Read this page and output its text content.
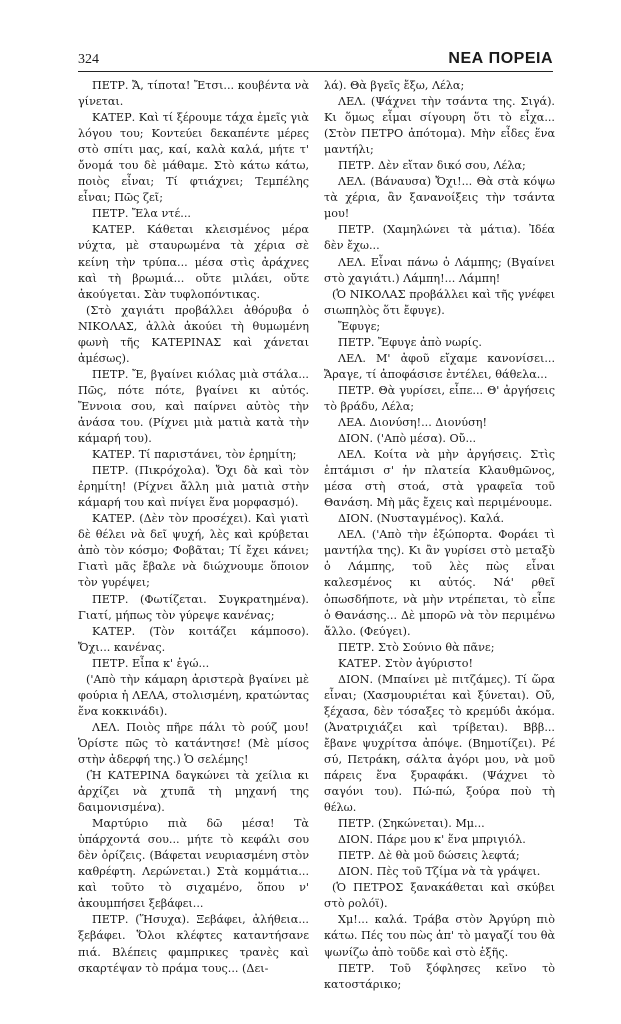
324	ΝΕΑ ΠΟΡΕΙΑ

ΠΕΤΡ. Ἄ, τίποτα! Ἔτσι... κουβέντα νὰ γίνεται.

ΚΑΤΕΡ. Καὶ τί ξέρουμε τάχα ἐμεῖς γιὰ λόγου του; Κοντεύει δεκαπέντε μέρες στὸ σπίτι μας, καί, καλὰ καλά, μήτε τ' ὄνομά του δὲ μάθαμε. Στὸ κάτω κάτω, ποιὸς εἶναι; Τί φτιάχνει; Τεμπέλης εἶναι; Πῶς ζεῖ;

ΠΕΤΡ. Ἔλα ντέ...

ΚΑΤΕΡ. Κάθεται κλεισμένος μέρα νύχτα, μὲ σταυρωμένα τὰ χέρια σὲ κείνη τὴν τρύπα... μέσα στὶς ἀράχνες καὶ τὴ βρωμιά... οὔτε μιλάει, οὔτε ἀκούγεται. Σὰν τυφλοπόντικας.

(Στὸ χαγιάτι προβάλλει ἀθόρυβα ὁ ΝΙΚΟΛΑΣ, ἀλλὰ ἀκούει τὴ θυμωμένη φωνὴ τῆς ΚΑΤΕΡΙΝΑΣ καὶ χάνεται ἀμέσως).

ΠΕΤΡ. Ἔ, βγαίνει κιόλας μιὰ στάλα... Πῶς, πότε πότε, βγαίνει κι αὐτός. Ἔννοια σου, καὶ παίρνει αὐτὸς τὴν ἀνάσα του. (Ρίχνει μιὰ ματιὰ κατὰ τὴν κάμαρή του).

ΚΑΤΕΡ. Τί παριστάνει, τὸν ἐρημίτη;

ΠΕΤΡ. (Πικρόχολα). Ὄχι δὰ καὶ τὸν ἐρημίτη! (Ρίχνει ἄλλη μιὰ ματιὰ στὴν κάμαρή του καὶ πνίγει ἕνα μορφασμό).

ΚΑΤΕΡ. (Δὲν τὸν προσέχει). Καὶ γιατὶ δὲ θέλει νὰ δεῖ ψυχή, λὲς καὶ κρύβεται ἀπὸ τὸν κόσμο; Φοβᾶται; Τί ἔχει κάνει; Γιατὶ μᾶς ἔβαλε νὰ διώχνουμε ὅποιον τὸν γυρέψει;

ΠΕΤΡ. (Φωτίζεται. Συγκρατημένα). Γιατί, μήπως τὸν γύρεψε κανένας;

ΚΑΤΕΡ. (Τὸν κοιτάζει κάμποσο). Ὄχι... κανένας.

ΠΕΤΡ. Εἶπα κ' ἐγώ...

('Απὸ τὴν κάμαρη ἀριστερὰ βγαίνει μὲ φούρια ἡ ΛΕΛΑ, στολισμένη, κρατώντας ἕνα κοκκινάδι).

ΛΕΛ. Ποιὸς πῆρε πάλι τὸ ρούζ μου! Ὁρίστε πῶς τὸ κατάντησε! (Μὲ μίσος στὴν ἀδερφή της.) Ὁ σελέμης!

(Ἡ ΚΑΤΕΡΙΝΑ δαγκώνει τὰ χείλια κι ἀρχίζει νὰ χτυπᾶ τὴ μηχανή της δαιμονισμένα).

Μαρτύριο πιὰ δῶ μέσα! Τὰ ὑπάρχοντά σου... μήτε τὸ κεφάλι σου δὲν ὁρίζεις. (Βάφεται νευριασμένη στὸν καθρέφτη. Λερώνεται.) Στὰ κομμάτια... καὶ τοῦτο τὸ σιχαμένο, ὅπου ν' ἀκουμπήσει ξεβάφει...

ΠΕΤΡ. (Ἥσυχα). Ξεβάφει, ἀλήθεια... ξεβάφει. Ὅλοι κλέφτες καταντήσανε πιά. Βλέπεις φαμπρικες τρανὲς καὶ σκαρτέψαν τὸ πράμα τους... (Δει-

λά). Θὰ βγεῖς ἔξω, Λέλα;

ΛΕΛ. (Ψάχνει τὴν τσάντα της. Σιγά). Κι ὅμως εἶμαι σίγουρη ὅτι τὸ εἶχα... (Στὸν ΠΕΤΡΟ ἀπότομα). Μὴν εἶδες ἕνα μαντήλι;

ΠΕΤΡ. Δὲν εἴταν δικό σου, Λέλα;

ΛΕΛ. (Βάναυσα) Ὄχι!... Θὰ στὰ κόψω τὰ χέρια, ἂν ξανανοίξεις τὴν τσάντα μου!

ΠΕΤΡ. (Χαμηλώνει τὰ μάτια). Ἰδέα δὲν ἔχω...

ΛΕΛ. Εἶναι πάνω ὁ Λάμπης; (Βγαίνει στὸ χαγιάτι.) Λάμπη!... Λάμπη!

(Ὁ ΝΙΚΟΛΑΣ προβάλλει καὶ τῆς γνέφει σιωπηλὸς ὅτι ἔφυγε).

Ἔφυγε;

ΠΕΤΡ. Ἔφυγε ἀπὸ νωρίς.

ΛΕΛ. Μ' ἀφοῦ εἴχαμε κανονίσει... Ἄραγε, τί ἀποφάσισε ἐντέλει, θάθελα...

ΠΕΤΡ. Θὰ γυρίσει, εἶπε... Θ' ἀργήσεις τὸ βράδυ, Λέλα;

ΛΕΑ. Διονύση!... Διονύση!

ΔΙΟΝ. ('Απὸ μέσα). Οὔ...

ΛΕΛ. Κοίτα νὰ μὴν ἀργήσεις. Στὶς ἑπτάμισι σ' ἡν πλατεία Κλαυθμῶνος, μέσα στὴ στοά, στὰ γραφεῖα τοῦ Θανάση. Μὴ μᾶς ἔχεις καὶ περιμένουμε.

ΔΙΟΝ. (Νυσταγμένος). Καλά.

ΛΕΛ. ('Απὸ τὴν ἐξώπορτα. Φοράει τὶ μαντήλα της). Κι ἂν γυρίσει στὸ μεταξὺ ὁ Λάμπης, τοῦ λὲς πὼς εἶναι καλεσμένος κι αὐτός. Νά' ρθεῖ ὁπωσδήποτε, νὰ μὴν ντρέπεται, τὸ εἶπε ὁ Θανάσης... Δὲ μπορῶ νὰ τὸν περιμένω ἄλλο. (Φεύγει).

ΠΕΤΡ. Στὸ Σούνιο θὰ πᾶνε;

ΚΑΤΕΡ. Στὸν ἀγύριστο!

ΔΙΟΝ. (Μπαίνει μὲ πιτζάμες). Τί ὥρα εἶναι; (Χασμουριέται καὶ ξύνεται). Οὔ, ξέχασα, δὲν τόσαξες τὸ κρεμύδι ἀκόμα. (Ἀνατριχιάζει καὶ τρίβεται). Βββ... ἔβανε ψυχρίτσα ἀπόψε. (Βημοτίζει). Ρέ σύ, Πετράκη, σάλτα ἀγόρι μου, νὰ μοῦ πάρεις ἕνα ξυραφάκι. (Ψάχνει τὸ σαγόνι του). Πώ-πώ, ξούρα ποὺ τὴ θέλω.

ΠΕΤΡ. (Σηκώνεται). Μμ...

ΔΙΟΝ. Πάρε μου κ' ἕνα μπριγιόλ.

ΠΕΤΡ. Δὲ θὰ μοῦ δώσεις λεφτά;

ΔΙΟΝ. Πὲς τοῦ Τζίμα νὰ τὰ γράψει.

(Ὁ ΠΕΤΡΟΣ ξανακάθεται καὶ σκύβει στὸ ρολόϊ).

Χμ!... καλά. Τράβα στὸν Ἀργύρη πιὸ κάτω. Πές του πὼς ἀπ' τὸ μαγαζί του θὰ ψωνίζω ἀπὸ τοῦδε καὶ στὸ ἑξῆς.

ΠΕΤΡ. Τοῦ ξόφλησες κεῖνο τὸ κατοστάρικο;
